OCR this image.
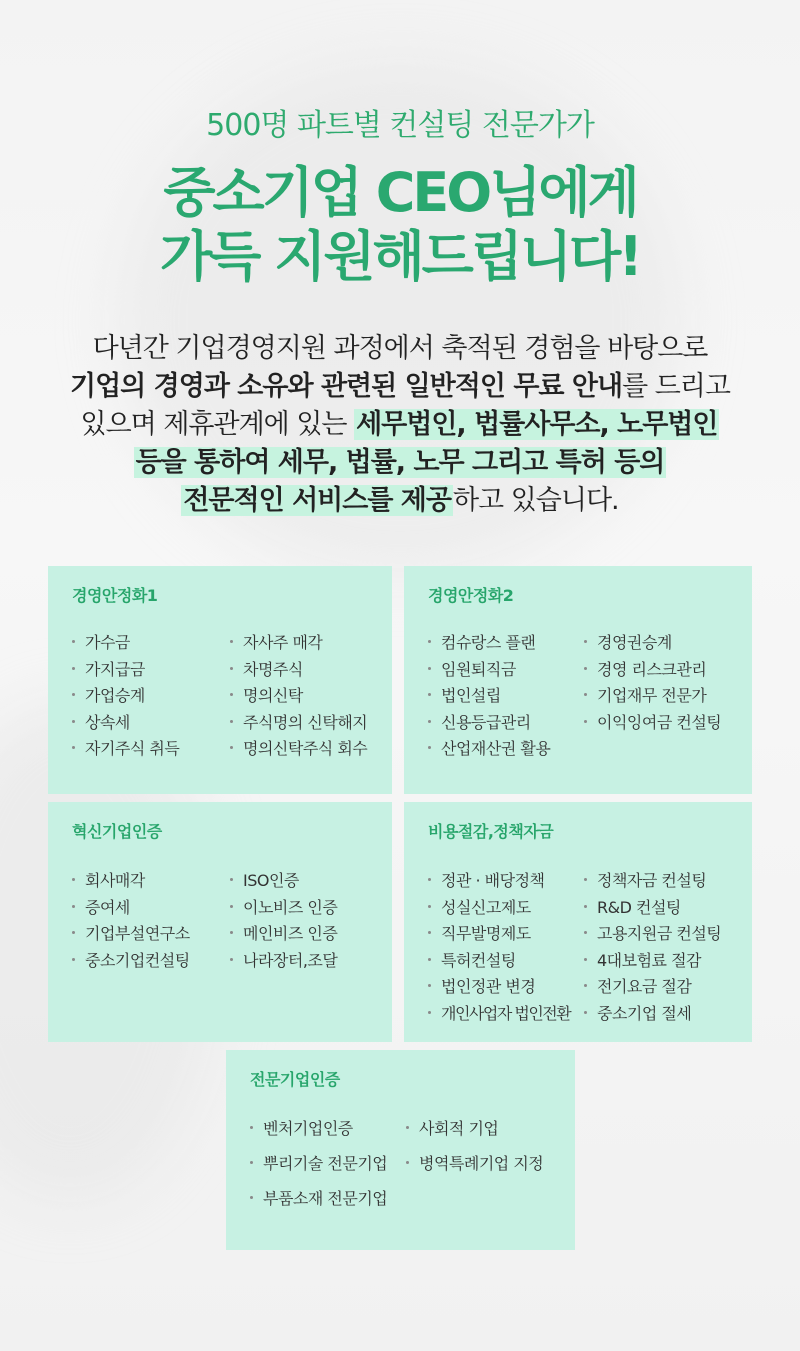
500명 파트별 컨설팅 전문가가
중소기업 CEO님에게
가득 지원해드립니다!
다년간 기업경영지원 과정에서 축적된 경험을 바탕으로
기업의 경영과 소유와 관련된 일반적인 무료 안내를 드리고
있으며 제휴관계에 있는 세무법인, 법률사무소, 노무법인
등을 통하여 세무, 법률, 노무 그리고 특허 등의
전문적인 서비스를 제공하고 있습니다.
경영안정화1
가수금
가지급금
가업승계
상속세
자기주식 취득
자사주 매각
차명주식
명의신탁
주식명의 신탁해지
명의신탁주식 회수
경영안정화2
컴슈랑스 플랜
임원퇴직금
법인설립
신용등급관리
산업재산권 활용
경영권승계
경영 리스크관리
기업재무 전문가
이익잉여금 컨설팅
혁신기업인증
회사매각
증여세
기업부설연구소
중소기업컨설팅
ISO인증
이노비즈 인증
메인비즈 인증
나라장터,조달
비용절감,정책자금
정관 · 배당정책
성실신고제도
직무발명제도
특허컨설팅
법인정관 변경
개인사업자 법인전환
정책자금 컨설팅
R&D 컨설팅
고용지원금 컨설팅
4대보험료 절감
전기요금 절감
중소기업 절세
전문기업인증
벤처기업인증
뿌리기술 전문기업
부품소재 전문기업
사회적 기업
병역특례기업 지정
